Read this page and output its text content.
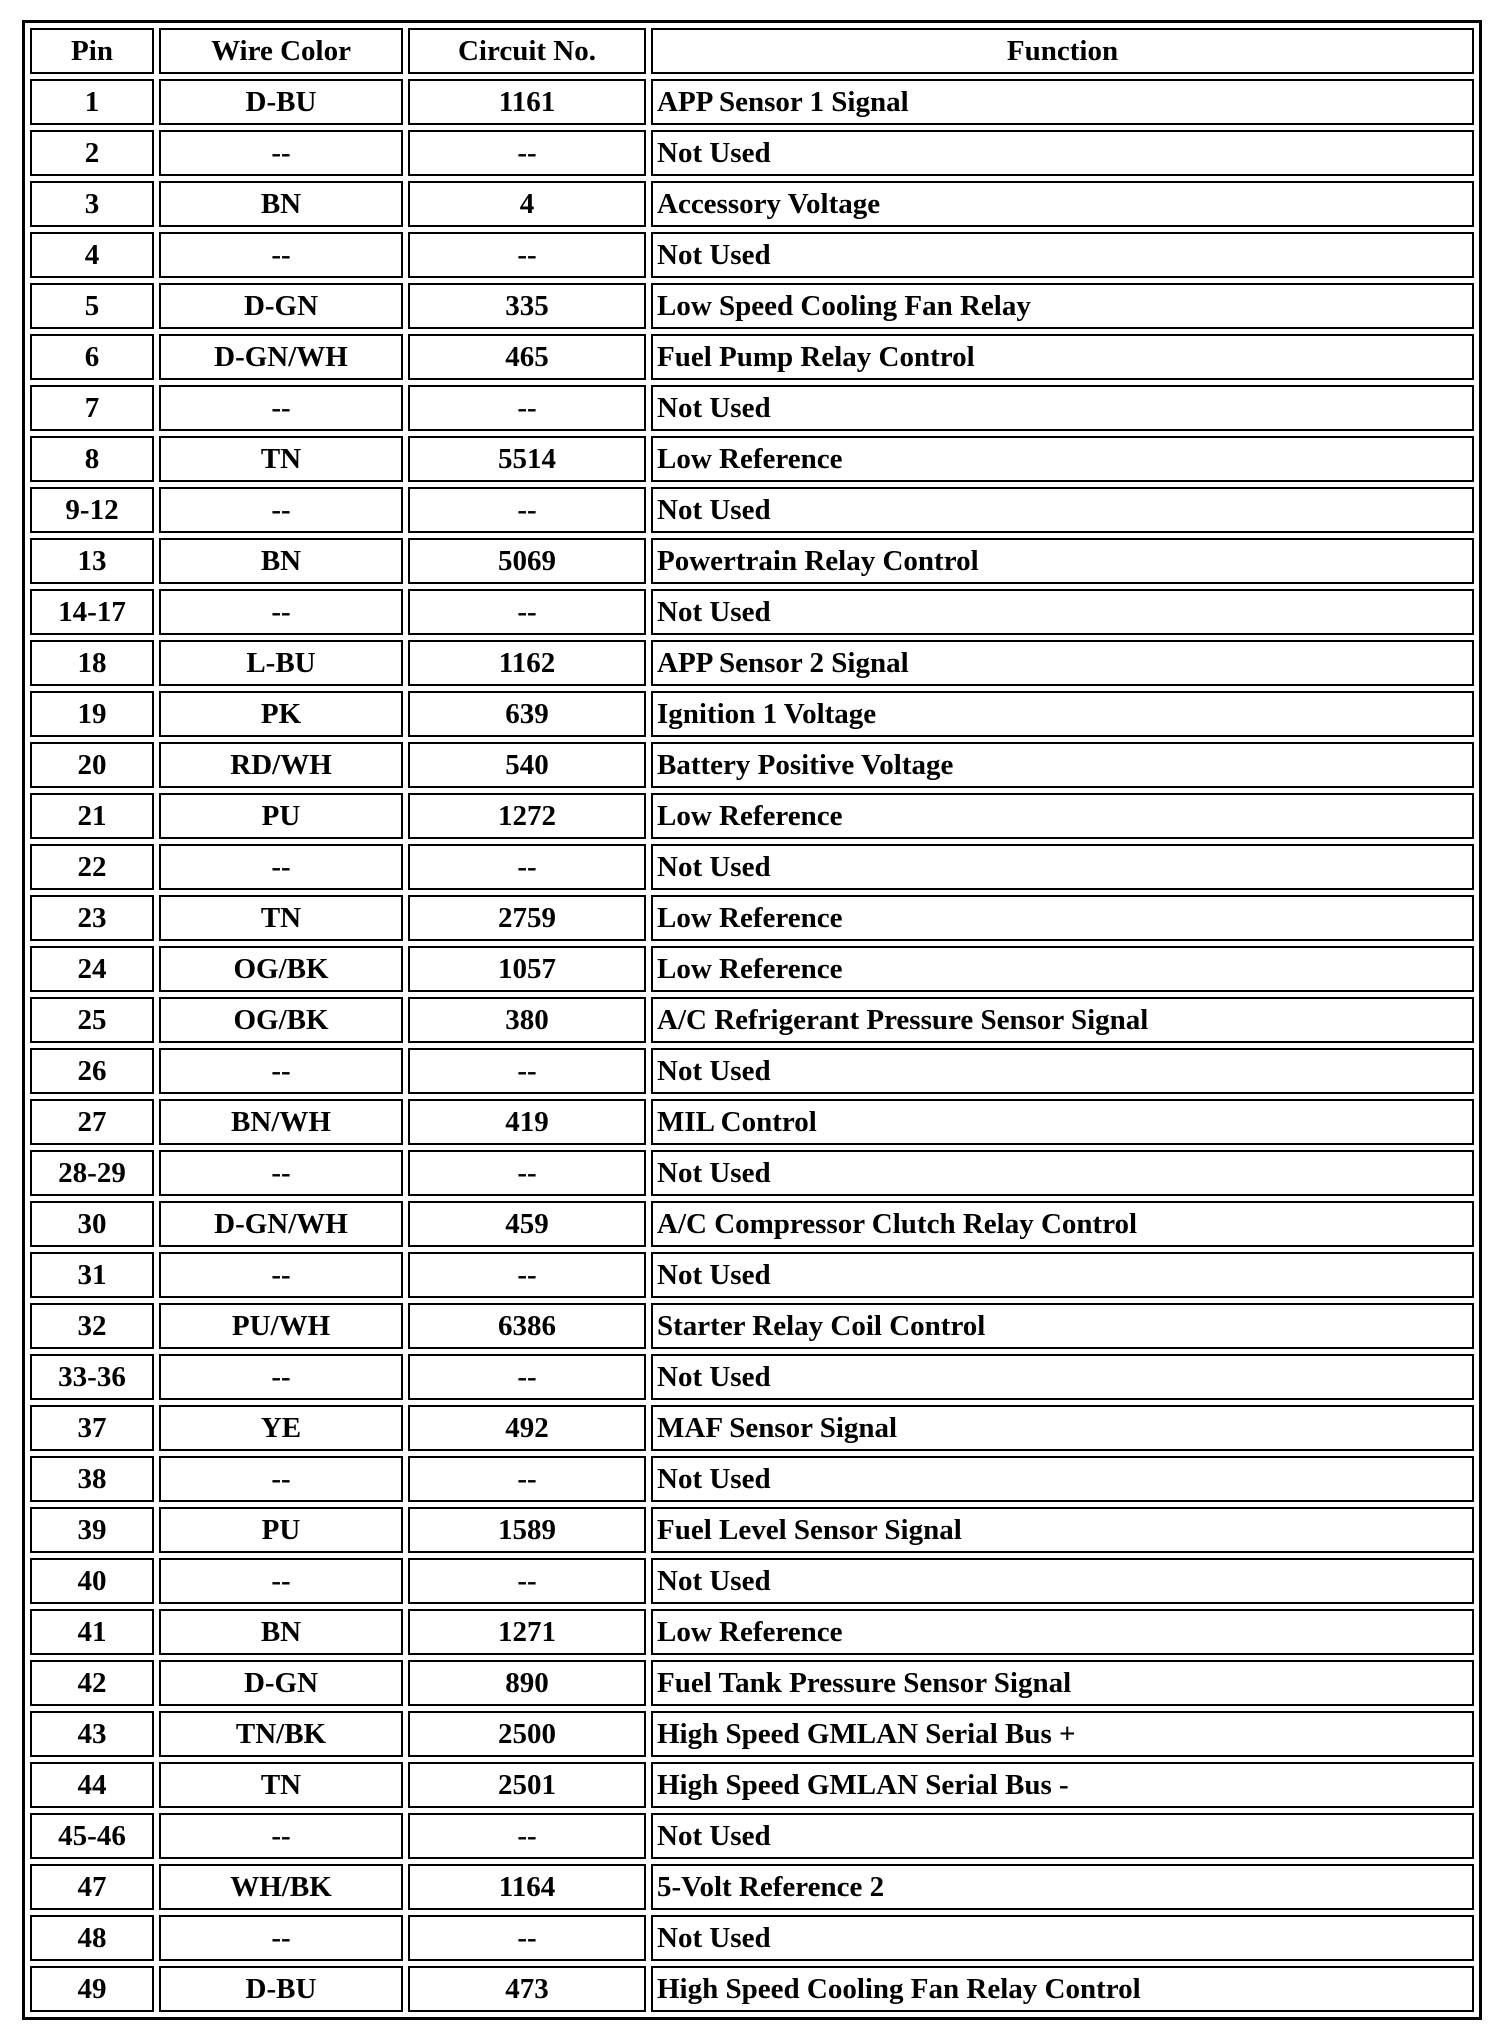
Pin	Wire Color	Circuit No.	Function
1	D-BU	1161	APP Sensor 1 Signal
2	--	--	Not Used
3	BN	4	Accessory Voltage
4	--	--	Not Used
5	D-GN	335	Low Speed Cooling Fan Relay
6	D-GN/WH	465	Fuel Pump Relay Control
7	--	--	Not Used
8	TN	5514	Low Reference
9-12	--	--	Not Used
13	BN	5069	Powertrain Relay Control
14-17	--	--	Not Used
18	L-BU	1162	APP Sensor 2 Signal
19	PK	639	Ignition 1 Voltage
20	RD/WH	540	Battery Positive Voltage
21	PU	1272	Low Reference
22	--	--	Not Used
23	TN	2759	Low Reference
24	OG/BK	1057	Low Reference
25	OG/BK	380	A/C Refrigerant Pressure Sensor Signal
26	--	--	Not Used
27	BN/WH	419	MIL Control
28-29	--	--	Not Used
30	D-GN/WH	459	A/C Compressor Clutch Relay Control
31	--	--	Not Used
32	PU/WH	6386	Starter Relay Coil Control
33-36	--	--	Not Used
37	YE	492	MAF Sensor Signal
38	--	--	Not Used
39	PU	1589	Fuel Level Sensor Signal
40	--	--	Not Used
41	BN	1271	Low Reference
42	D-GN	890	Fuel Tank Pressure Sensor Signal
43	TN/BK	2500	High Speed GMLAN Serial Bus +
44	TN	2501	High Speed GMLAN Serial Bus -
45-46	--	--	Not Used
47	WH/BK	1164	5-Volt Reference 2
48	--	--	Not Used
49	D-BU	473	High Speed Cooling Fan Relay Control
